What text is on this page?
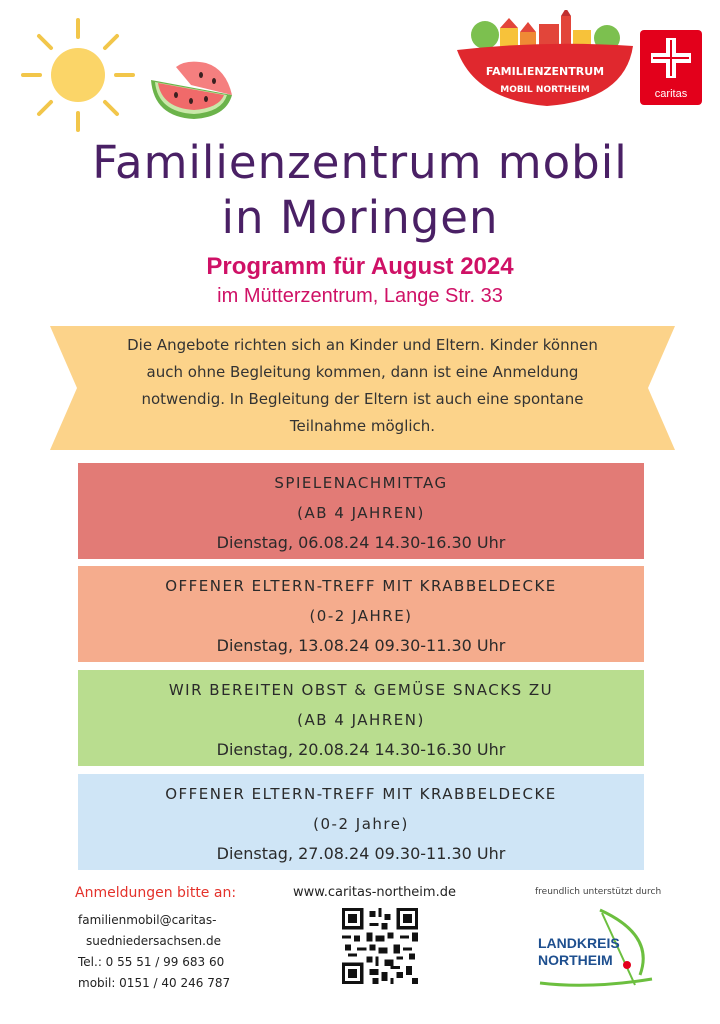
FAMILIENZENTRUM
MOBIL NORTHEIM	caritas
Familienzentrum mobil
in Moringen
Programm für August 2024
im Mütterzentrum, Lange Str. 33
Die Angebote richten sich an Kinder und Eltern. Kinder können
auch ohne Begleitung kommen, dann ist eine Anmeldung
notwendig. In Begleitung der Eltern ist auch eine spontane
Teilnahme möglich.
SPIELENACHMITTAG
(AB 4 JAHREN)
Dienstag, 06.08.24 14.30-16.30 Uhr
OFFENER ELTERN-TREFF MIT KRABBELDECKE
(0-2 JAHRE)
Dienstag, 13.08.24 09.30-11.30 Uhr
WIR BEREITEN OBST & GEMÜSE SNACKS ZU
(AB 4 JAHREN)
Dienstag, 20.08.24 14.30-16.30 Uhr
OFFENER ELTERN-TREFF MIT KRABBELDECKE
(0-2 Jahre)
Dienstag, 27.08.24 09.30-11.30 Uhr
Anmeldungen bitte an:
familienmobil@caritas-
suedniedersachsen.de
Tel.: 0 55 51 / 99 683 60
mobil: 0151 / 40 246 787
www.caritas-northeim.de	freundlich unterstützt durch
LANDKREIS
NORTHEIM
